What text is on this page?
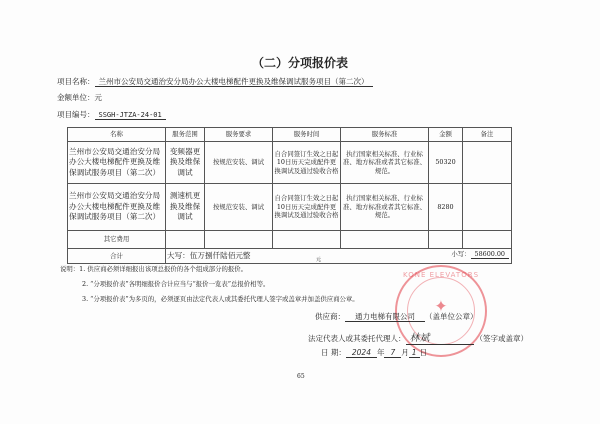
（二）分项报价表
项目名称： 兰州市公安局交通治安分局办公大楼电梯配件更换及维保调试服务项目（第二次）
金额单位：元
项目编号： SSGH-JTZA-24-01
名称	服务范围	服务要求	服务时间	服务标准	金额	备注
兰州市公安局交通治安分局办公大楼电梯配件更换及维保调试服务项目（第二次）	变频器更换及维保调试	按规范安装、调试	自合同签订生效之日起10日历天完成配件更换调试及通过验收合格	执行国家相关标准、行业标准、地方标准或者其它标准、规范。	50320	
兰州市公安局交通治安分局办公大楼电梯配件更换及维保调试服务项目（第二次）	测速机更换及维保调试	按规范安装、调试	自合同签订生效之日起10日历天完成配件更换调试及通过验收合格	执行国家相关标准、行业标准、地方标准或者其它标准、规范。	8280	
其它费用						
合计	大写：伍万捌仟陆佰元整 小写： 58600.00
元					
说明：1. 供应商必须详细报出该项总报价的各个组成部分的报价。
2. “分项报价表”各明细报价合计应当与“报价一览表”总报价相等。
3. “分项报价表”为多页的，必须逐页由法定代表人或其委托代理人签字或盖章并加盖供应商公章。
KONE ELEVATORS
✦
供应商： 通力电梯有限公司 （盖单位公章）
法定代表人或其委托代理人： 林斌	（签字或盖章）
日 期： 2024 年 7 月 1 日
65
